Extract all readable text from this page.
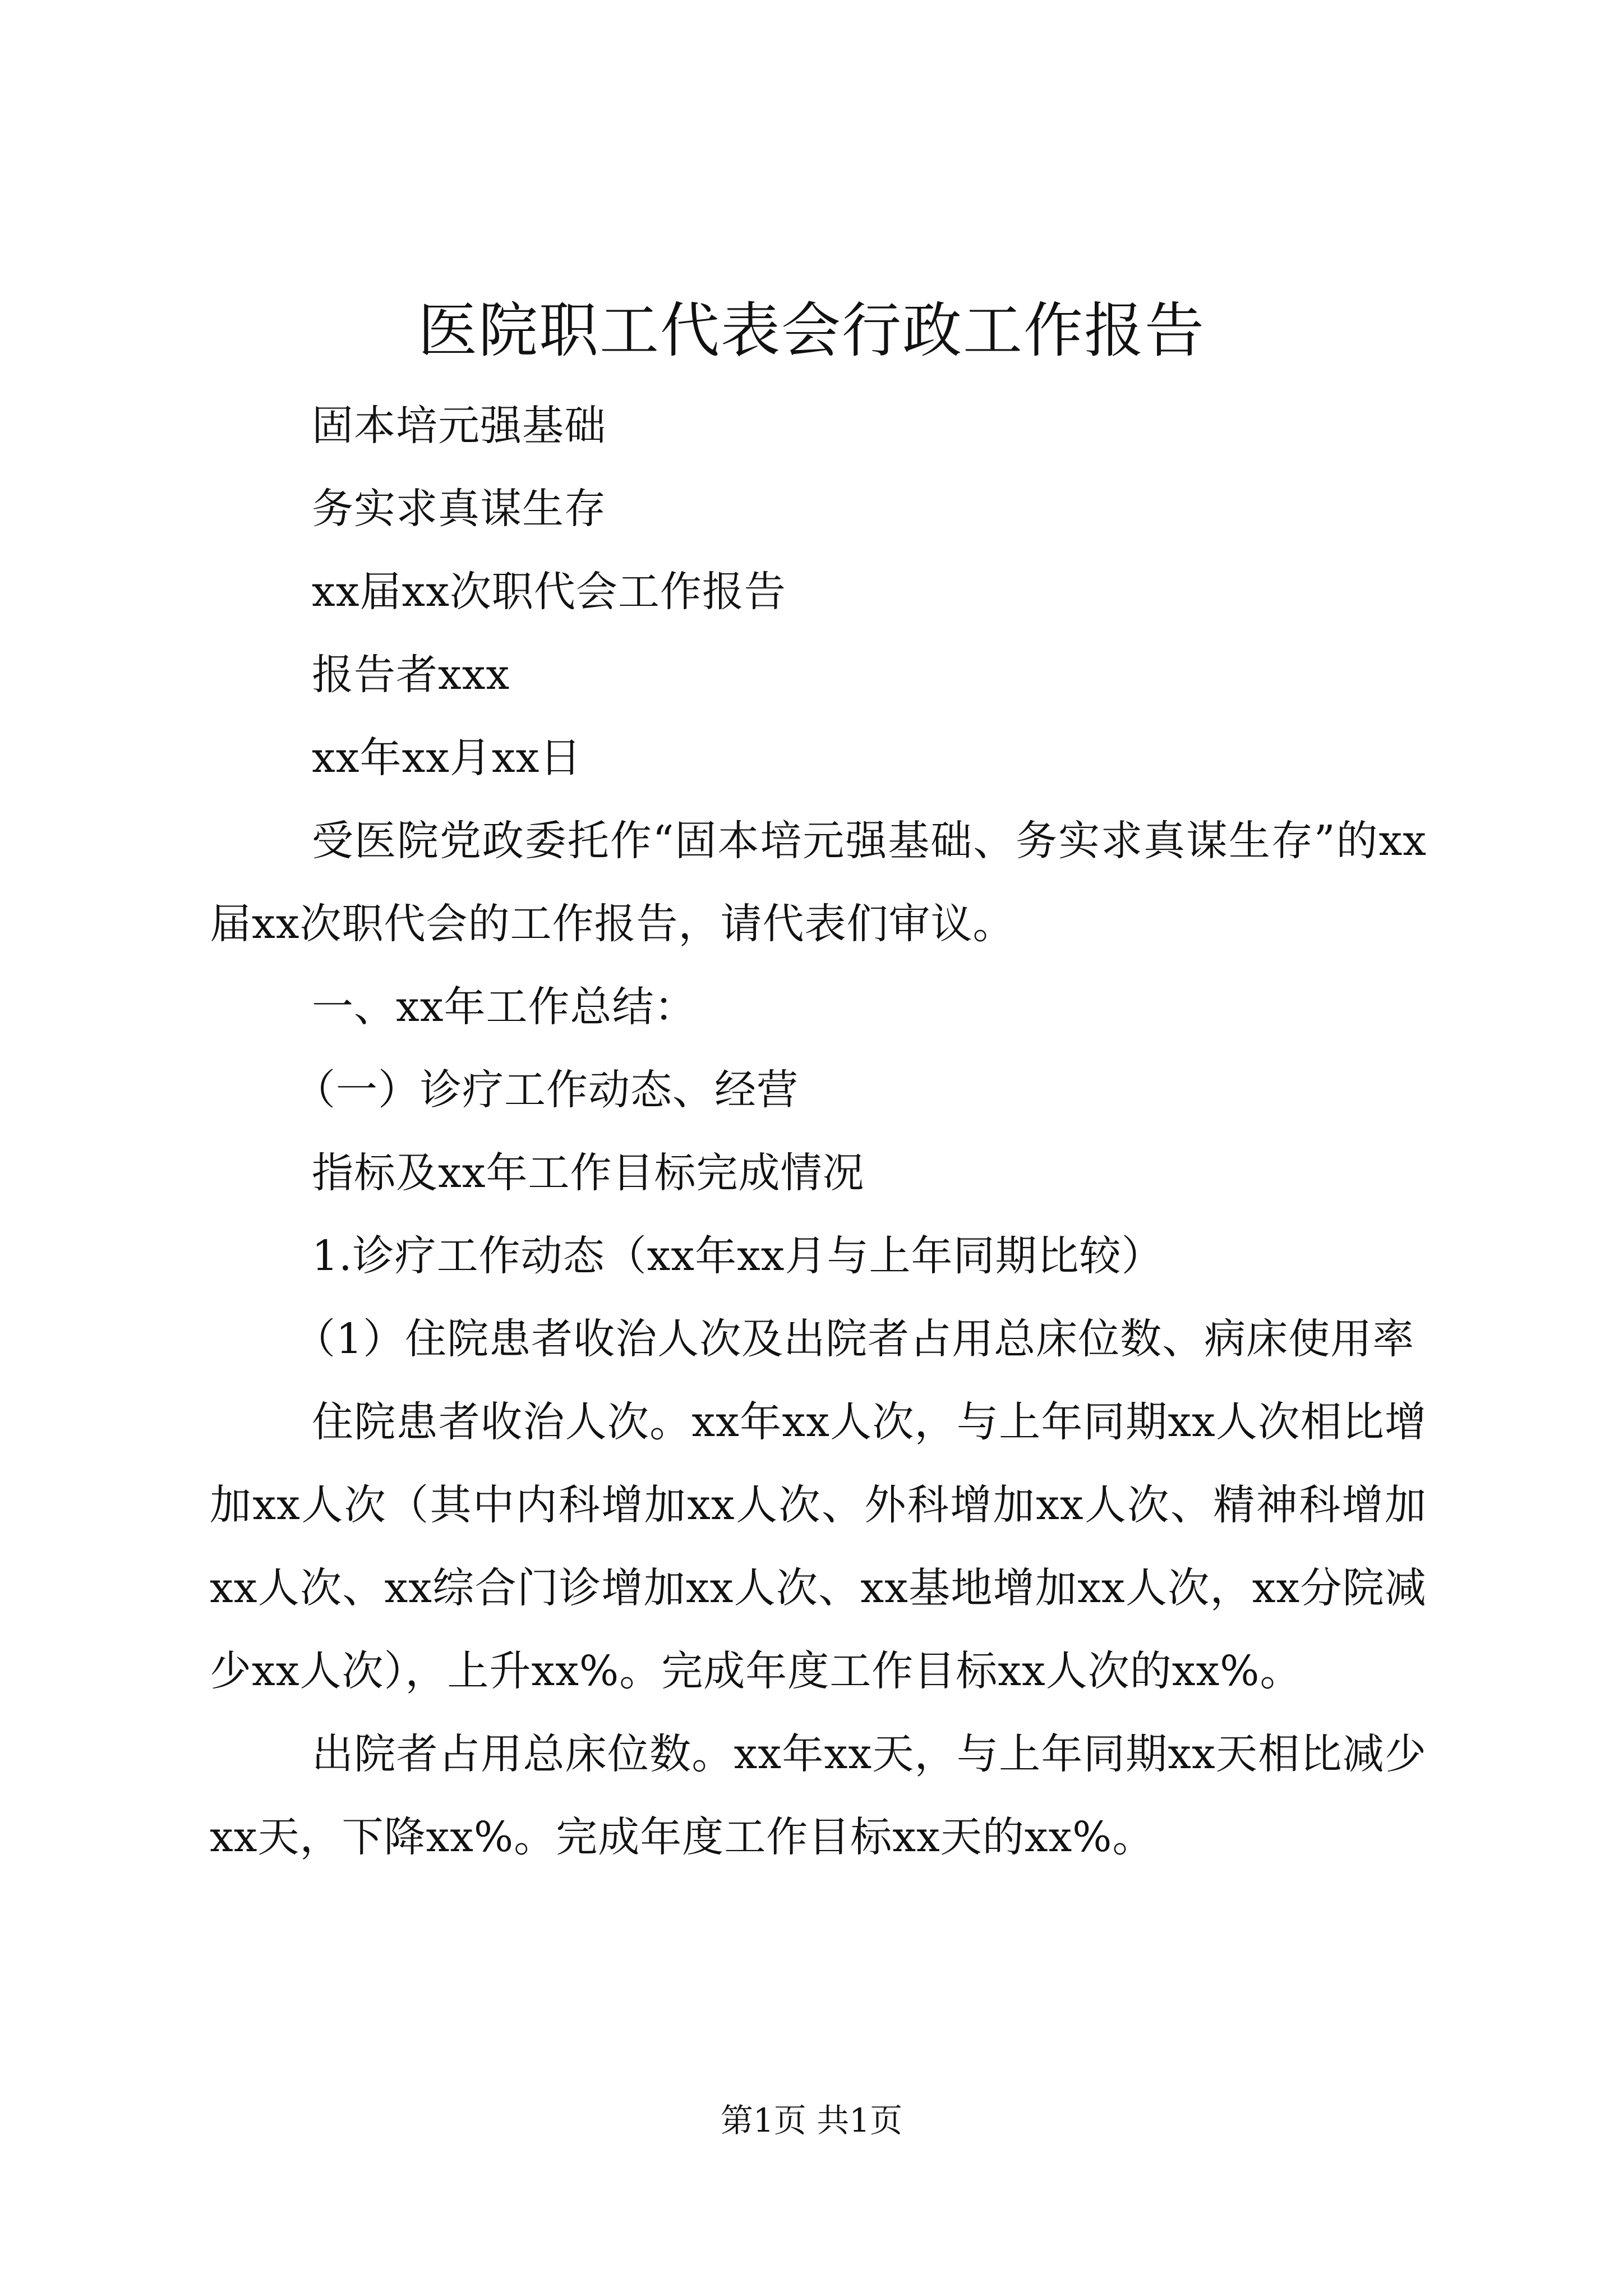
医院职工代表会行政工作报告

固本培元强基础

务实求真谋生存

xx届xx次职代会工作报告

报告者xxx

xx年xx月xx日

受医院党政委托作“固本培元强基础、务实求真谋生存”的xx届xx次职代会的工作报告，请代表们审议。

一、xx年工作总结：

（一）诊疗工作动态、经营

指标及xx年工作目标完成情况

1.诊疗工作动态（xx年xx月与上年同期比较）

（1）住院患者收治人次及出院者占用总床位数、病床使用率

住院患者收治人次。xx年xx人次，与上年同期xx人次相比增加xx人次（其中内科增加xx人次、外科增加xx人次、精神科增加xx人次、xx综合门诊增加xx人次、xx基地增加xx人次，xx分院减少xx人次），上升xx%。完成年度工作目标xx人次的xx%。

出院者占用总床位数。xx年xx天，与上年同期xx天相比减少xx天，下降xx%。完成年度工作目标xx天的xx%。

第1页 共1页
